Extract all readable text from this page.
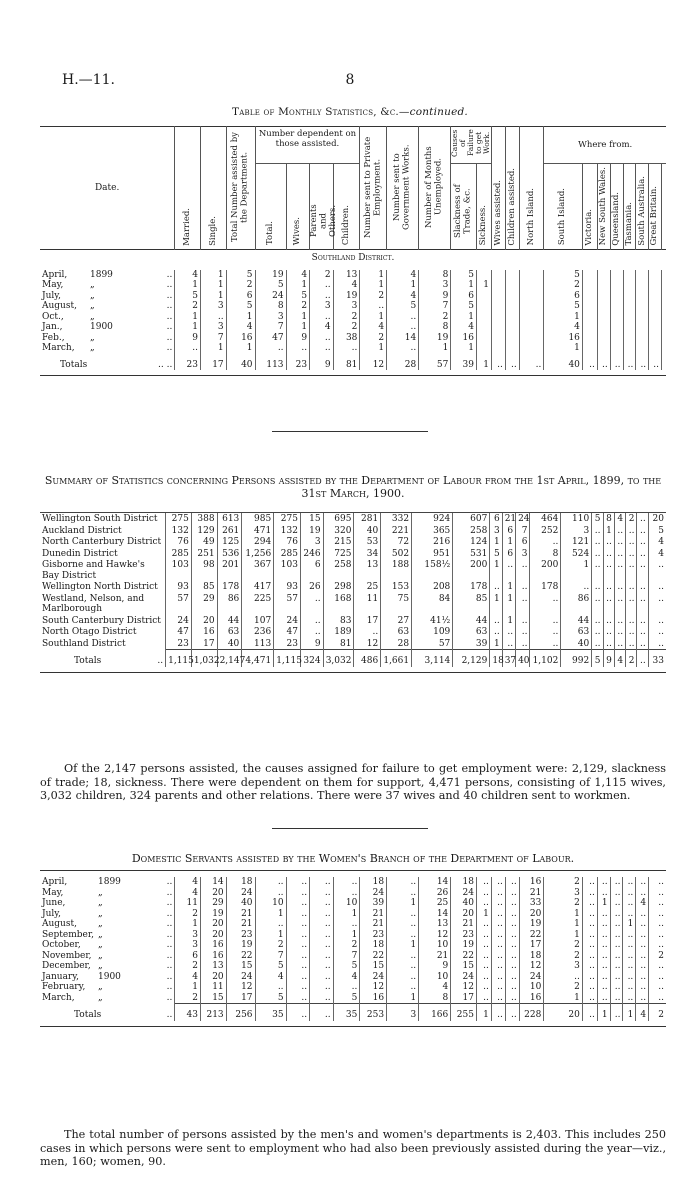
H.—11.	8
Table of Monthly Statistics, &c.—continued.
Date.	Married.	Single.	Total Number assisted by the Department.	Number dependent on those assisted.				Number sent to Private Employment.	Number sent to Government Works.	Number of Months Unemployed.	Causes of Failure to get Work.		Wives assisted.	Children assisted.	North Island.	Where from.							
				Total.	Wives.	Parents and Others.	Children.				Slackness of Trade, &c.	Sickness.				South Island.	Victoria.	New South Wales.	Queensland.	Tasmania.	South Australia.	Great Britain.	
Southland District.																							
April, 1899 ..	4	1	5	19	4	2	13	1	4	8	5					5							
May, „ ..	1	1	2	5	1	..	4	1	1	3	1	1				2							
July, „ ..	5	1	6	24	5	..	19	2	4	9	6					6							
August, „ ..	2	3	5	8	2	3	3	..	5	7	5					5							
Oct., „ ..	1	..	1	3	1	..	2	1	..	2	1					1							
Jan., 1900 ..	1	3	4	7	1	4	2	4	..	8	4					4							
Feb., „ ..	9	7	16	47	9	..	38	2	14	19	16					16							
March, „ ..	..	1	1	..	..	..	..	1	..	1	1					1							
Totals .. ..	23	17	40	113	23	9	81	12	28	57	39	1	..	..	..	40	..	..	..	..	..	..	

Summary of Statistics concerning Persons assisted by the Department of Labour from the 1st April, 1899, to the 31st March, 1900.
Wellington South District	275	388	613	985	275	15	695	281	332	924	607	6	21	24	464	110	5	8	4	2	..	20
Auckland District	132	129	261	471	132	19	320	40	221	365	258	3	6	7	252	3	..	1	..	..	..	5
North Canterbury District	76	49	125	294	76	3	215	53	72	216	124	1	1	6	..	121	..	..	..	..	..	4
Dunedin District	285	251	536	1,256	285	246	725	34	502	951	531	5	6	3	8	524	..	..	..	..	..	4
Gisborne and Hawke's Bay District	103	98	201	367	103	6	258	13	188	158½	200	1	..	..	200	1	..	..	..	..	..	..
Wellington North District	93	85	178	417	93	26	298	25	153	208	178	..	1	..	178	..	..	..	..	..	..	..
Westland, Nelson, and Marlborough	57	29	86	225	57	..	168	11	75	84	85	1	1	..	..	86	..	..	..	..	..	..
South Canterbury District	24	20	44	107	24	..	83	17	27	41½	44	..	1	..	..	44	..	..	..	..	..	..
North Otago District	47	16	63	236	47	..	189	..	63	109	63	..	..	..	..	63	..	..	..	..	..	..
Southland District	23	17	40	113	23	9	81	12	28	57	39	1	..	..	..	40	..	..	..	..	..	..
Totals ..	1,115	1,032	2,147	4,471	1,115	324	3,032	486	1,661	3,114	2,129	18	37	40	1,102	992	5	9	4	2	..	33

Of the 2,147 persons assisted, the causes assigned for failure to get employment were: 2,129, slackness of trade; 18, sickness. There were dependent on them for support, 4,471 persons, consisting of 1,115 wives, 3,032 children, 324 parents and other relations. There were 37 wives and 40 children sent to workmen.

Domestic Servants assisted by the Women's Branch of the Department of Labour.

April, 1899 ..	4	14	18	..	..	..	..	18	..	14	18	..	..	..	16	2	..	..	..	..	..	..
May, „ ..	4	20	24	..	..	..	..	24	..	26	24	..	..	..	21	3	..	..	..	..	..	..
June, „ ..	11	29	40	10	..	..	10	39	1	25	40	..	..	..	33	2	..	1	..	..	4	..
July, „ ..	2	19	21	1	..	..	1	21	..	14	20	1	..	..	20	1	..	..	..	..	..	..
August, „ ..	1	20	21	..	..	..	..	21	..	13	21	..	..	..	19	1	..	..	..	1	..	..
September, „ ..	3	20	23	1	..	..	1	23	..	12	23	..	..	..	22	1	..	..	..	..	..	..
October, „ ..	3	16	19	2	..	..	2	18	1	10	19	..	..	..	17	2	..	..	..	..	..	..
November, „ ..	6	16	22	7	..	..	7	22	..	21	22	..	..	..	18	2	..	..	..	..	..	2
December, „ ..	2	13	15	5	..	..	5	15	..	9	15	..	..	..	12	3	..	..	..	..	..	..
January, 1900 ..	4	20	24	4	..	..	4	24	..	10	24	..	..	..	24	..	..	..	..	..	..	..
February, „ ..	1	11	12	..	..	..	..	12	..	4	12	..	..	..	10	2	..	..	..	..	..	..
March, „ ..	2	15	17	5	..	..	5	16	1	8	17	..	..	..	16	1	..	..	..	..	..	..
Totals ..	43	213	256	35	..	..	35	253	3	166	255	1	..	..	228	20	..	1	..	1	4	2

The total number of persons assisted by the men's and women's departments is 2,403. This includes 250 cases in which persons were sent to employment who had also been previously assisted during the year—viz., men, 160; women, 90.
